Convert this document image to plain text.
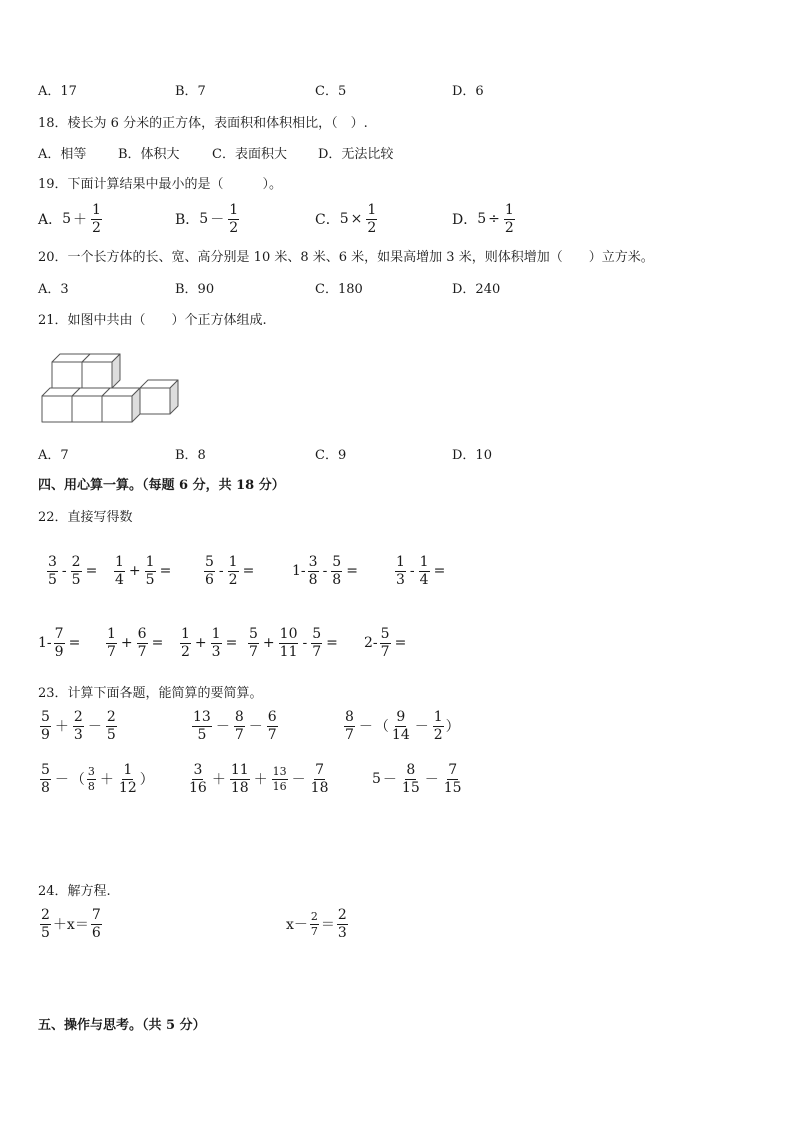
A．17	B．7	C．5	D．6
18．棱长为 6 分米的正方体，表面积和体积相比，（　）.
A．相等 B．体积大 C．表面积大 D．无法比较
19．下面计算结果中最小的是（　　　）。
A． $5 + \frac{1}{2}$	B． $5 - \frac{1}{2}$	C． $5 \times \frac{1}{2}$	D． $5 \div \frac{1}{2}$
20．一个长方体的长、宽、高分别是 10 米、8 米、6 米，如果高增加 3 米，则体积增加（　　）立方米。
A．3	B．90	C．180	D．240
21．如图中共由（　　）个正方体组成.
A．7	B．8	C．9	D．10
四、用心算一算。（每题 6 分，共 18 分）
22．直接写得数
$\frac{3}{5} - \frac{2}{5} = \frac{1}{4} + \frac{1}{5} = \frac{5}{6} - \frac{1}{2}$ =	$1- \frac{3}{8} - \frac{5}{8}$ =	$\frac{1}{3} - \frac{1}{4}$ =
$1- \frac{7}{9} = \frac{1}{7} + \frac{6}{7} = \frac{1}{2} + \frac{1}{3} = \frac{5}{7} + \frac{10}{11} - \frac{5}{7} = 2- \frac{5}{7}$ =
23．计算下面各题，能简算的要简算。
$\frac{5}{9} + \frac{2}{3} - \frac{2}{5}$	$\frac{13}{5} - \frac{8}{7} - \frac{6}{7}$	$\frac{8}{7}$ － （ $\frac{9}{14} - \frac{1}{2}$ ）
$\frac{5}{8}$ － （ $\frac{3}{8} + \frac{1}{12}$ ） $\frac{3}{16} + \frac{11}{18} + \frac{13}{16} - \frac{7}{18}$	$5 - \frac{8}{15} - \frac{7}{15}$
24．解方程.
$\frac{2}{5} +x= \frac{7}{6}$	$x- \frac{2}{7} = \frac{2}{3}$
五、操作与思考。（共 5 分）
